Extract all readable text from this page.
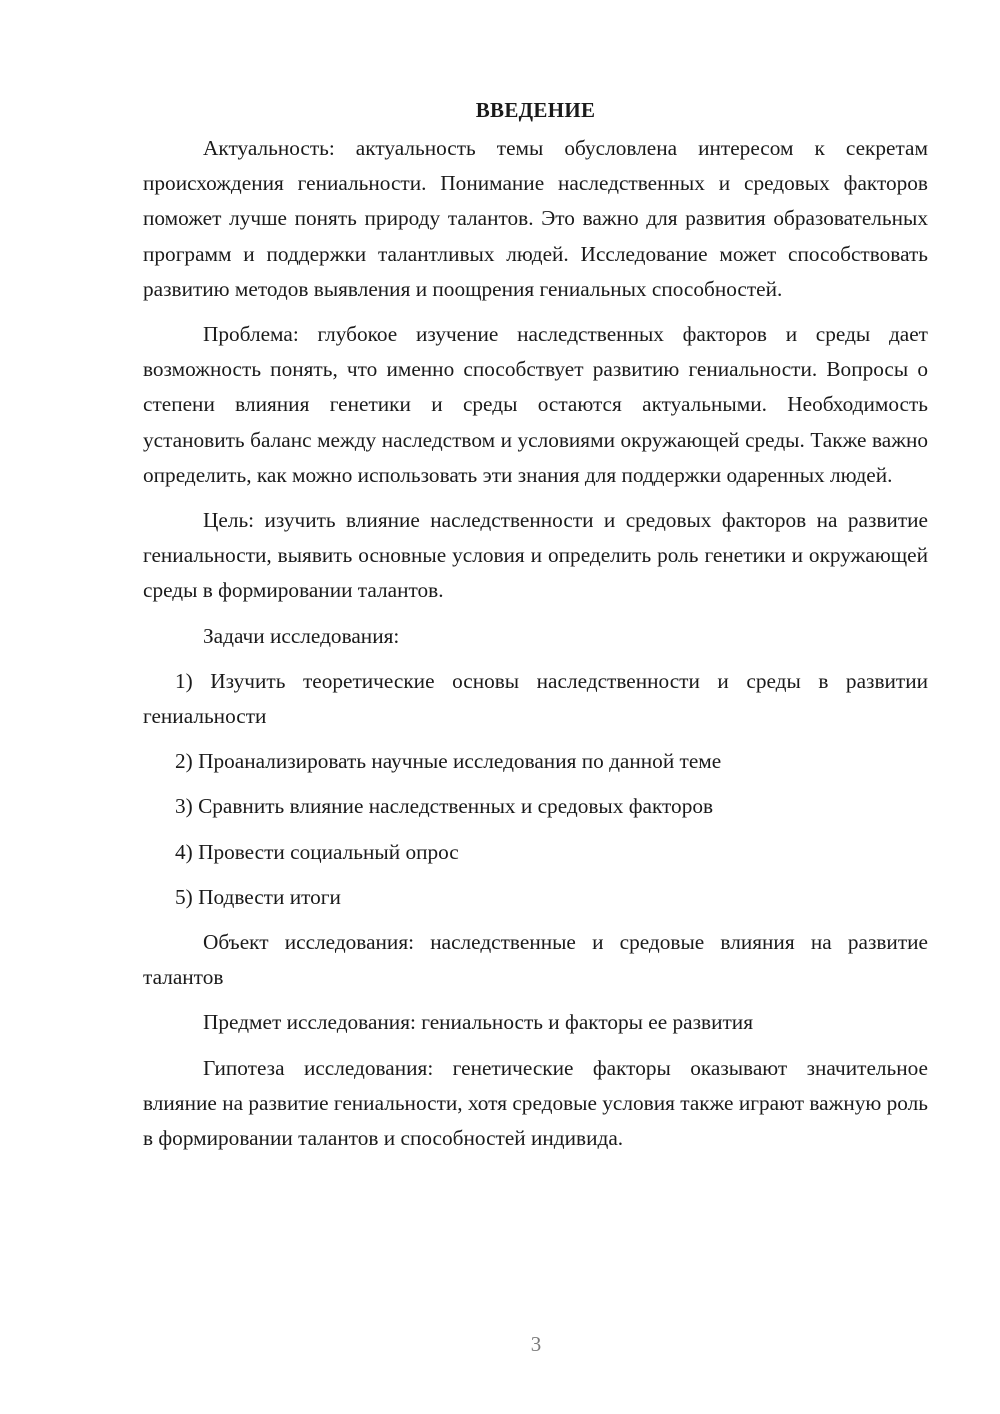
ВВЕДЕНИЕ

Актуальность: актуальность темы обусловлена интересом к секретам происхождения гениальности. Понимание наследственных и средовых факторов поможет лучше понять природу талантов. Это важно для развития образовательных программ и поддержки талантливых людей. Исследование может способствовать развитию методов выявления и поощрения гениальных способностей.

Проблема: глубокое изучение наследственных факторов и среды дает возможность понять, что именно способствует развитию гениальности. Вопросы о степени влияния генетики и среды остаются актуальными. Необходимость установить баланс между наследством и условиями окружающей среды. Также важно определить, как можно использовать эти знания для поддержки одаренных людей.

Цель: изучить влияние наследственности и средовых факторов на развитие гениальности, выявить основные условия и определить роль генетики и окружающей среды в формировании талантов.

Задачи исследования:

1) Изучить теоретические основы наследственности и среды в развитии гениальности

2) Проанализировать научные исследования по данной теме

3) Сравнить влияние наследственных и средовых факторов

4) Провести социальный опрос

5) Подвести итоги

Объект исследования: наследственные и средовые влияния на развитие талантов

Предмет исследования: гениальность и факторы ее развития

Гипотеза исследования: генетические факторы оказывают значительное влияние на развитие гениальности, хотя средовые условия также играют важную роль в формировании талантов и способностей индивида.

3
